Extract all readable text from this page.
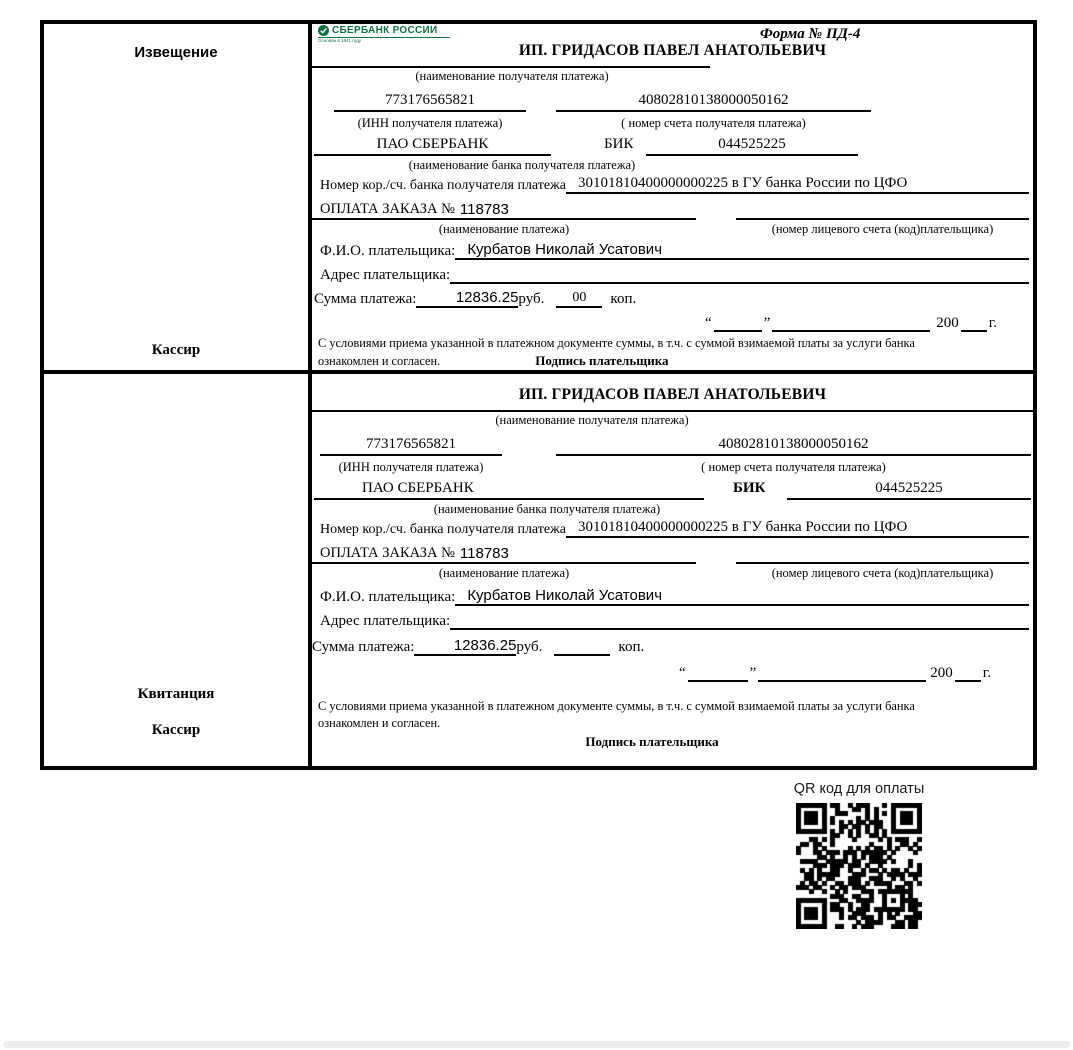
Извещение
Кассир
СБЕРБАНК РОССИИ
Основан в 1841 году	Форма № ПД-4
ИП. ГРИДАСОВ ПАВЕЛ АНАТОЛЬЕВИЧ
(наименование получателя платежа)
773176565821	40802810138000050162
(ИНН получателя платежа)	( номер счета получателя платежа)
ПАО СБЕРБАНК	БИК	044525225
(наименование банка получателя платежа)
Номер кор./сч. банка получателя платежа 30101810400000000225 в ГУ банка России по ЦФО
ОПЛАТА ЗАКАЗА № 118783
(наименование платежа)	(номер лицевого счета (код)плательщика)
Ф.И.О. плательщика: Курбатов Николай Усатович
Адрес плательщика:
Сумма платежа:	12836.25 руб.	00	коп.
“	”	200 г.
С условиями приема указанной в платежном документе суммы, в т.ч. с суммой взимаемой платы за услуги банка
ознакомлен и согласен.	Подпись плательщика
Квитанция
Кассир
ИП. ГРИДАСОВ ПАВЕЛ АНАТОЛЬЕВИЧ
(наименование получателя платежа)
773176565821	40802810138000050162
(ИНН получателя платежа)	( номер счета получателя платежа)
ПАО СБЕРБАНК	БИК	044525225
(наименование банка получателя платежа)
Номер кор./сч. банка получателя платежа 30101810400000000225 в ГУ банка России по ЦФО
ОПЛАТА ЗАКАЗА № 118783
(наименование платежа)	(номер лицевого счета (код)плательщика)
Ф.И.О. плательщика: Курбатов Николай Усатович
Адрес плательщика:
Сумма платежа:	12836.25 руб.	коп.
“	”	200 г.
С условиями приема указанной в платежном документе суммы, в т.ч. с суммой взимаемой платы за услуги банка
ознакомлен и согласен.
Подпись плательщика
QR код для оплаты
